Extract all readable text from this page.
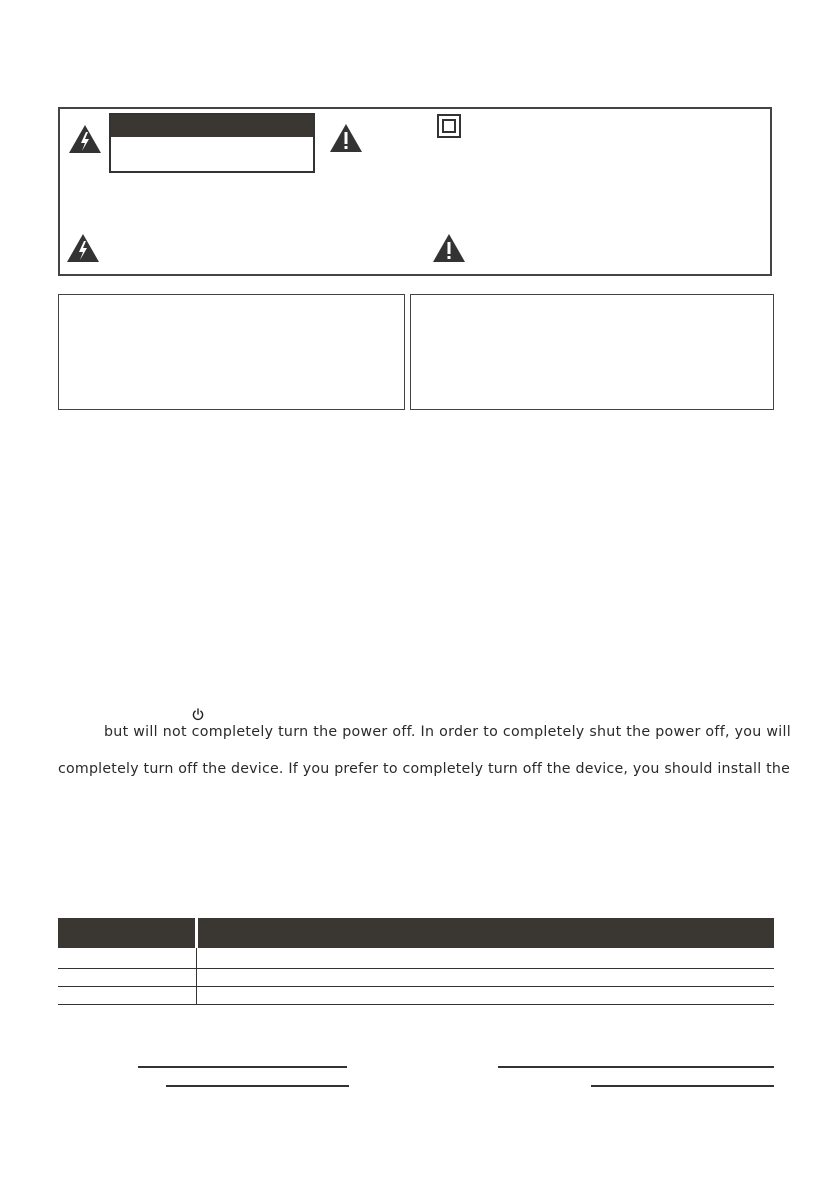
but will not completely turn the power off. In order to completely shut the power off, you will
completely turn off the device. If you prefer to completely turn off the device, you should install the
